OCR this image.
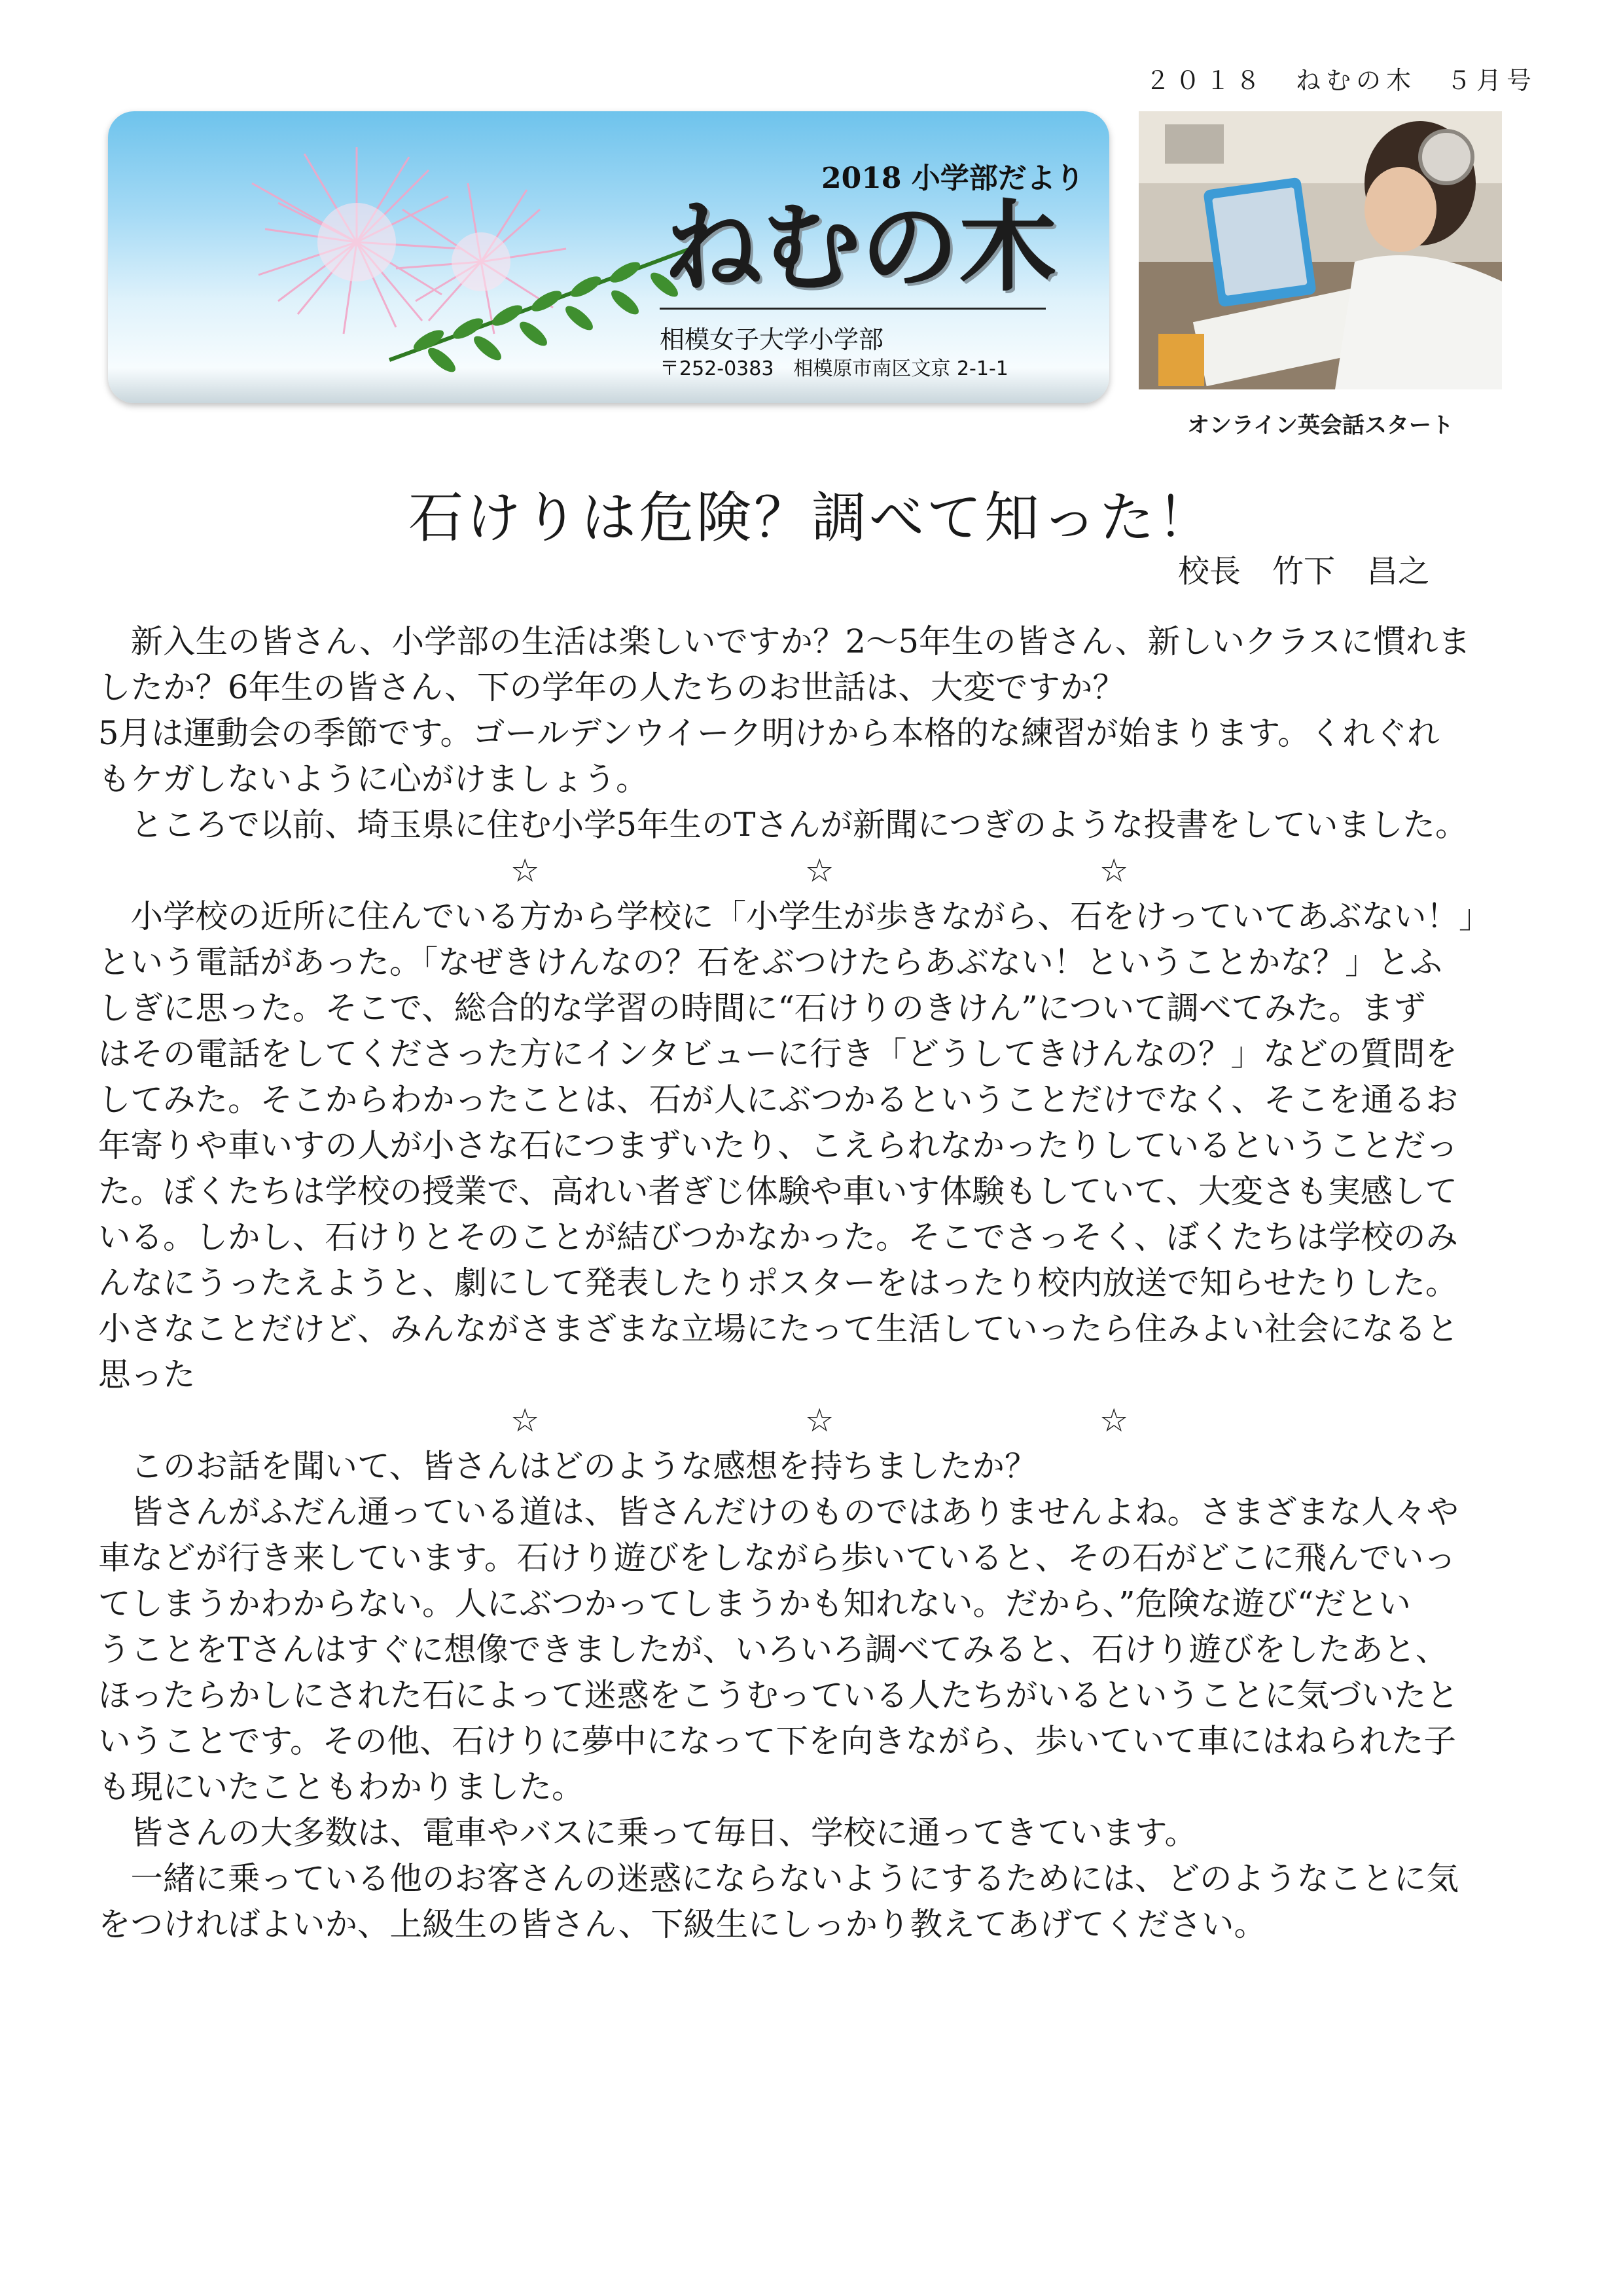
２０１８　ねむの木　５月号
2018 小学部だより
ねむの木
相模女子大学小学部
〒252-0383　相模原市南区文京 2-1-1
オンライン英会話スタート
石けりは危険？調べて知った！
校長　竹下　昌之
　新入生の皆さん、小学部の生活は楽しいですか？2～5年生の皆さん、新しいクラスに慣れま
したか？6年生の皆さん、下の学年の人たちのお世話は、大変ですか？
5月は運動会の季節です。ゴールデンウイーク明けから本格的な練習が始まります。くれぐれ
もケガしないように心がけましょう。
　ところで以前、埼玉県に住む小学5年生のTさんが新聞につぎのような投書をしていました。
☆	☆	☆
　小学校の近所に住んでいる方から学校に「小学生が歩きながら、石をけっていてあぶない！」
という電話があった。「なぜきけんなの？石をぶつけたらあぶない！ということかな？」とふ
しぎに思った。そこで、総合的な学習の時間に“石けりのきけん”について調べてみた。まず
はその電話をしてくださった方にインタビューに行き「どうしてきけんなの？」などの質問を
してみた。そこからわかったことは、石が人にぶつかるということだけでなく、そこを通るお
年寄りや車いすの人が小さな石につまずいたり、こえられなかったりしているということだっ
た。ぼくたちは学校の授業で、高れい者ぎじ体験や車いす体験もしていて、大変さも実感して
いる。しかし、石けりとそのことが結びつかなかった。そこでさっそく、ぼくたちは学校のみ
んなにうったえようと、劇にして発表したりポスターをはったり校内放送で知らせたりした。
小さなことだけど、みんながさまざまな立場にたって生活していったら住みよい社会になると
思った
☆	☆	☆
　このお話を聞いて、皆さんはどのような感想を持ちましたか？
　皆さんがふだん通っている道は、皆さんだけのものではありませんよね。さまざまな人々や
車などが行き来しています。石けり遊びをしながら歩いていると、その石がどこに飛んでいっ
てしまうかわからない。人にぶつかってしまうかも知れない。だから、”危険な遊び“だとい
うことをTさんはすぐに想像できましたが、いろいろ調べてみると、石けり遊びをしたあと、
ほったらかしにされた石によって迷惑をこうむっている人たちがいるということに気づいたと
いうことです。その他、石けりに夢中になって下を向きながら、歩いていて車にはねられた子
も現にいたこともわかりました。
　皆さんの大多数は、電車やバスに乗って毎日、学校に通ってきています。
　一緒に乗っている他のお客さんの迷惑にならないようにするためには、どのようなことに気
をつければよいか、上級生の皆さん、下級生にしっかり教えてあげてください。
